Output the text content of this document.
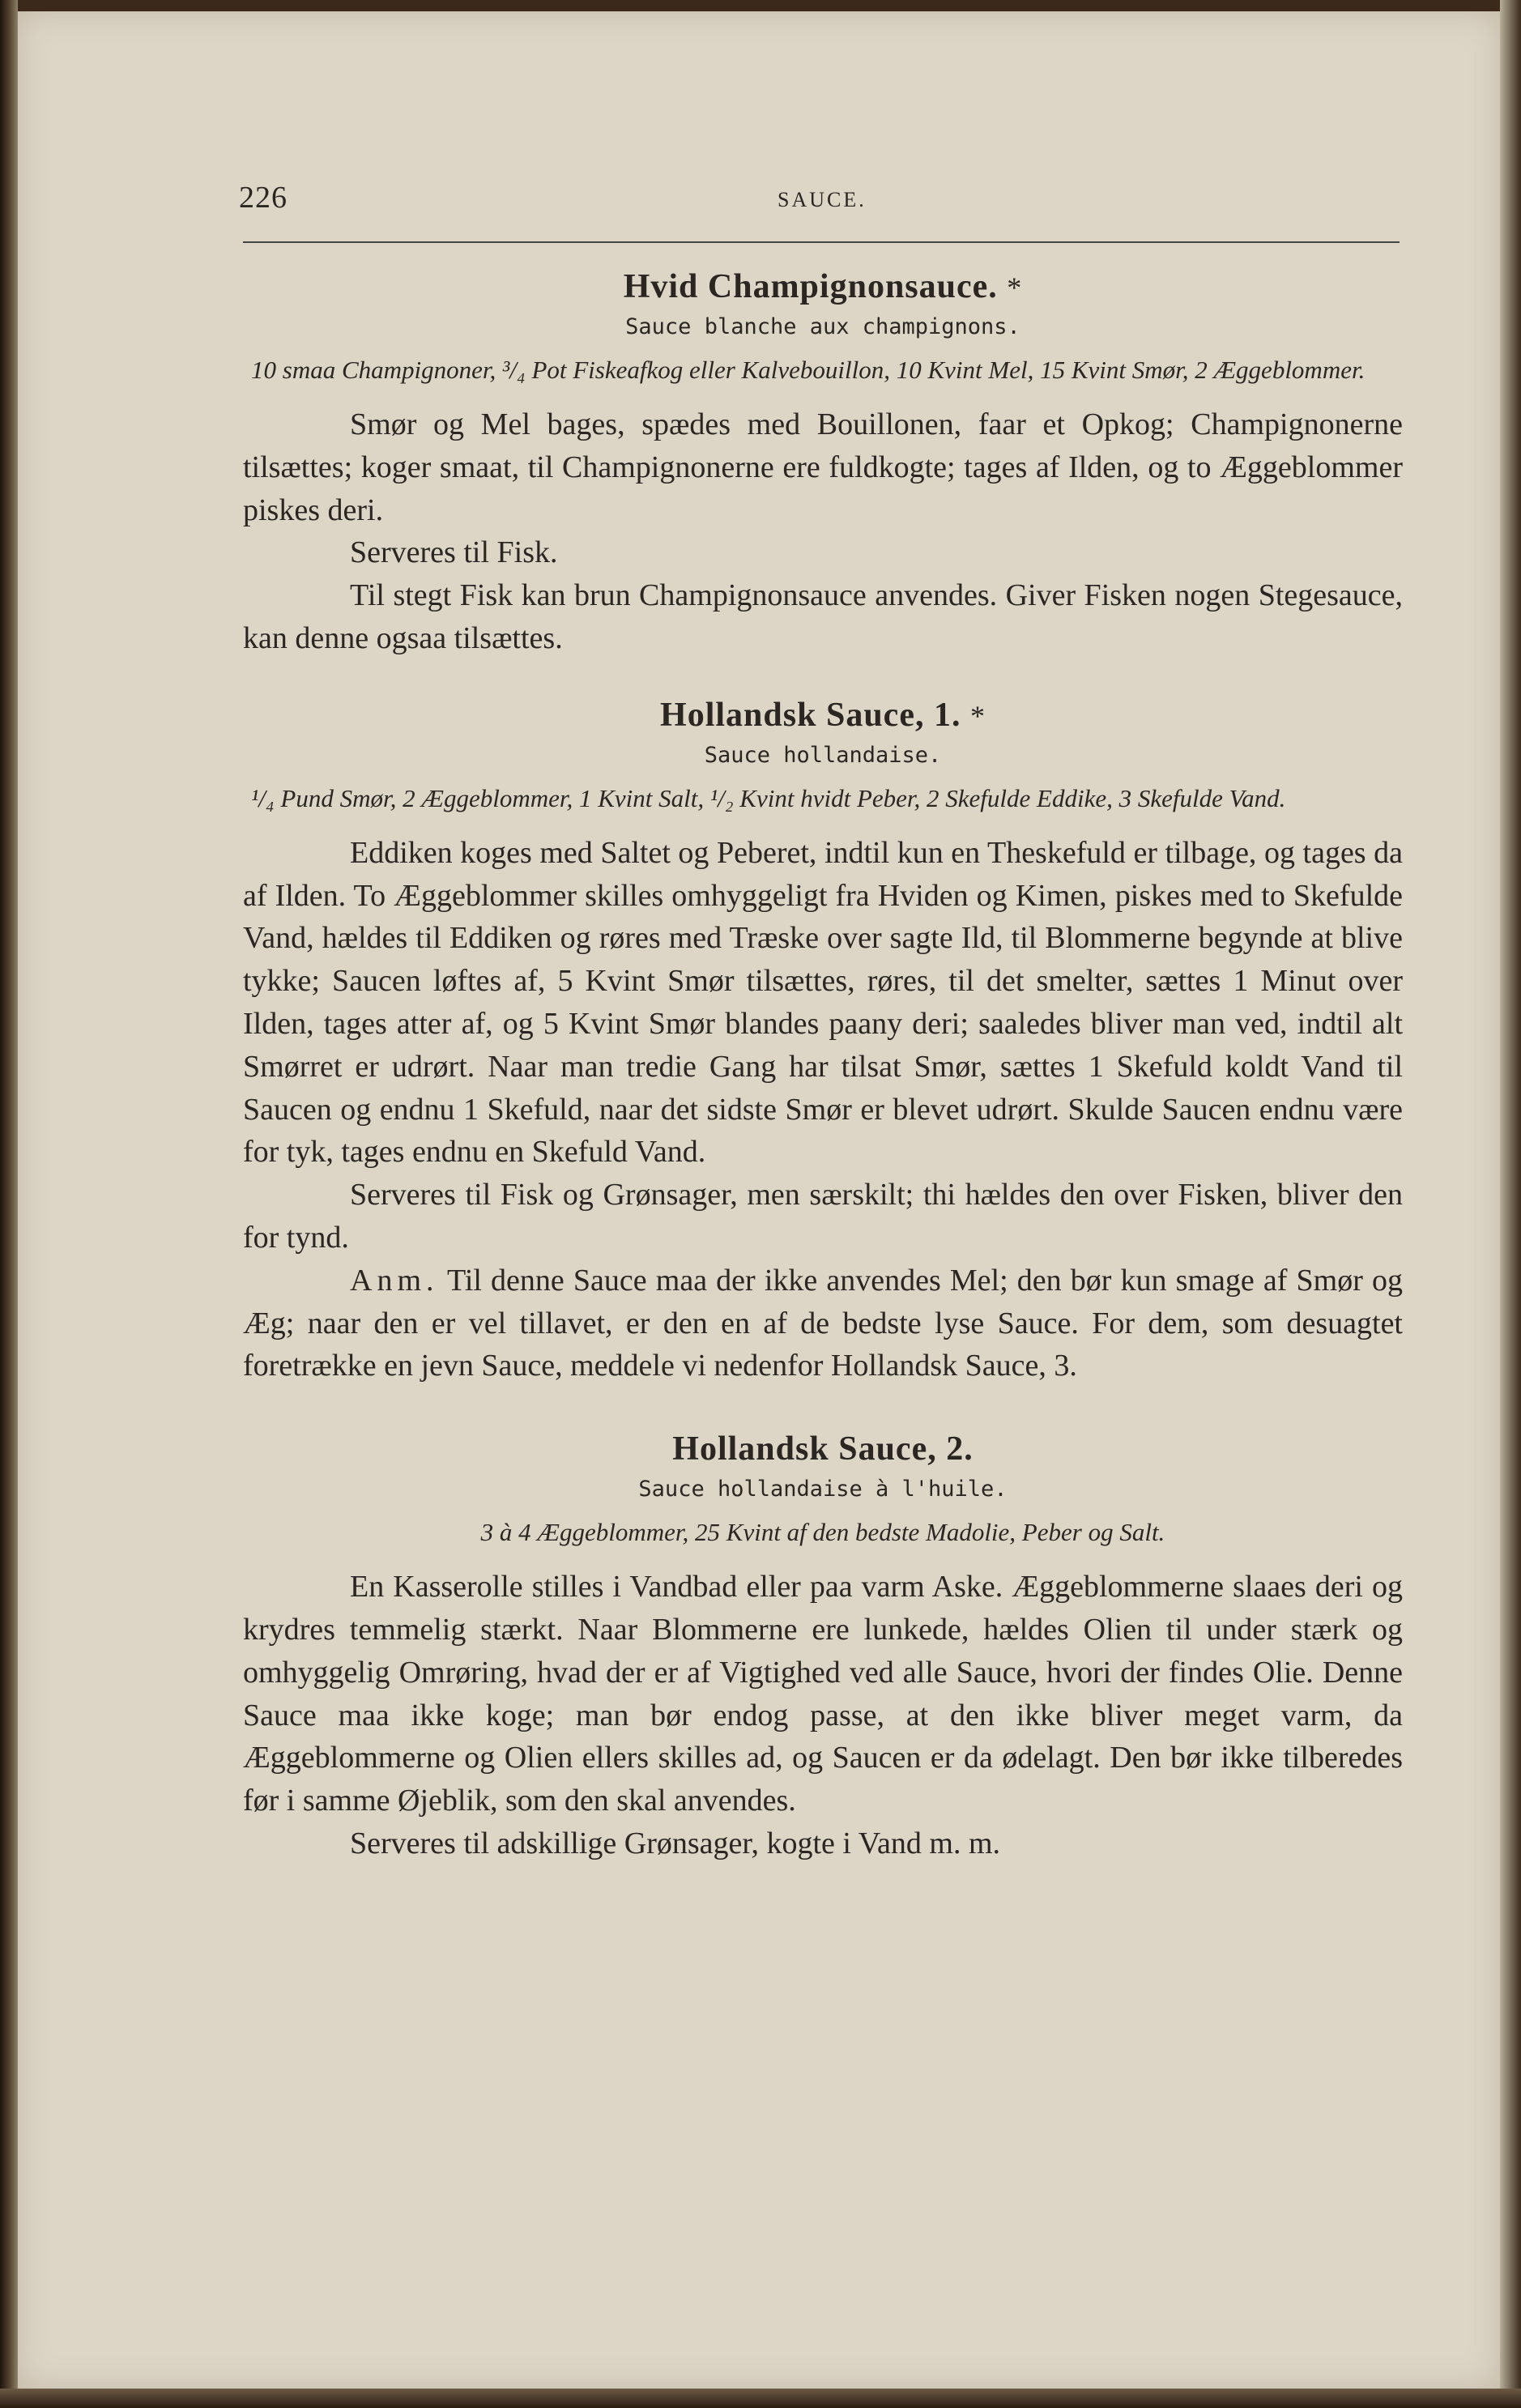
226	SAUCE.
Hvid Champignonsauce. *
Sauce blanche aux champignons.
10 smaa Champignoner, ³/₄ Pot Fiskeafkog eller Kalvebouillon, 10 Kvint Mel, 15 Kvint Smør, 2 Æggeblommer.

Smør og Mel bages, spædes med Bouillonen, faar et Opkog; Champignonerne tilsættes; koger smaat, til Champignonerne ere fuldkogte; tages af Ilden, og to Æggeblommer piskes deri.

Serveres til Fisk.

Til stegt Fisk kan brun Champignonsauce anvendes. Giver Fisken nogen Stegesauce, kan denne ogsaa tilsættes.

Hollandsk Sauce, 1. *
Sauce hollandaise.
¹/₄ Pund Smør, 2 Æggeblommer, 1 Kvint Salt, ¹/₂ Kvint hvidt Peber, 2 Skefulde Eddike, 3 Skefulde Vand.

Eddiken koges med Saltet og Peberet, indtil kun en Theskefuld er tilbage, og tages da af Ilden. To Æggeblommer skilles omhyggeligt fra Hviden og Kimen, piskes med to Skefulde Vand, hældes til Eddiken og røres med Træske over sagte Ild, til Blommerne begynde at blive tykke; Saucen løftes af, 5 Kvint Smør tilsættes, røres, til det smelter, sættes 1 Minut over Ilden, tages atter af, og 5 Kvint Smør blandes paany deri; saaledes bliver man ved, indtil alt Smørret er udrørt. Naar man tredie Gang har tilsat Smør, sættes 1 Skefuld koldt Vand til Saucen og endnu 1 Skefuld, naar det sidste Smør er blevet udrørt. Skulde Saucen endnu være for tyk, tages endnu en Skefuld Vand.

Serveres til Fisk og Grønsager, men særskilt; thi hældes den over Fisken, bliver den for tynd.

Anm. Til denne Sauce maa der ikke anvendes Mel; den bør kun smage af Smør og Æg; naar den er vel tillavet, er den en af de bedste lyse Sauce. For dem, som desuagtet foretrække en jevn Sauce, meddele vi nedenfor Hollandsk Sauce, 3.

Hollandsk Sauce, 2.
Sauce hollandaise à l'huile.
3 à 4 Æggeblommer, 25 Kvint af den bedste Madolie, Peber og Salt.

En Kasserolle stilles i Vandbad eller paa varm Aske. Æggeblommerne slaaes deri og krydres temmelig stærkt. Naar Blommerne ere lunkede, hældes Olien til under stærk og omhyggelig Omrøring, hvad der er af Vigtighed ved alle Sauce, hvori der findes Olie. Denne Sauce maa ikke koge; man bør endog passe, at den ikke bliver meget varm, da Æggeblommerne og Olien ellers skilles ad, og Saucen er da ødelagt. Den bør ikke tilberedes før i samme Øjeblik, som den skal anvendes.

Serveres til adskillige Grønsager, kogte i Vand m. m.
